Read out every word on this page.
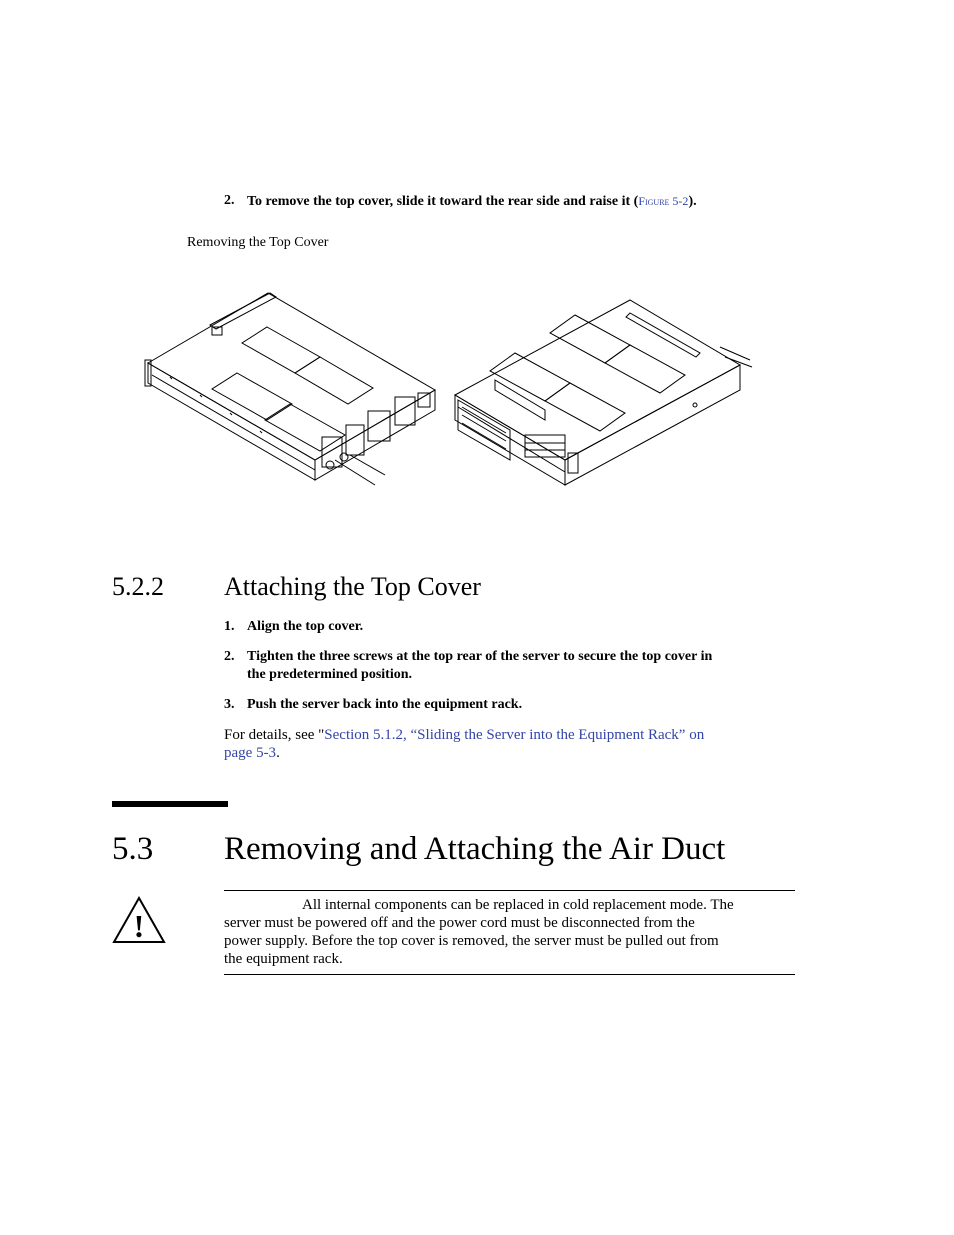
2. To remove the top cover, slide it toward the rear side and raise it (Figure 5-2).
Removing the Top Cover
5.2.2 Attaching the Top Cover
1. Align the top cover.
2. Tighten the three screws at the top rear of the server to secure the top cover in
the predetermined position.
3. Push the server back into the equipment rack.
For details, see "Section 5.1.2, “Sliding the Server into the Equipment Rack” on
page 5-3.
5.3 Removing and Attaching the Air Duct
!
All internal components can be replaced in cold replacement mode. The
server must be powered off and the power cord must be disconnected from the
power supply. Before the top cover is removed, the server must be pulled out from
the equipment rack.
